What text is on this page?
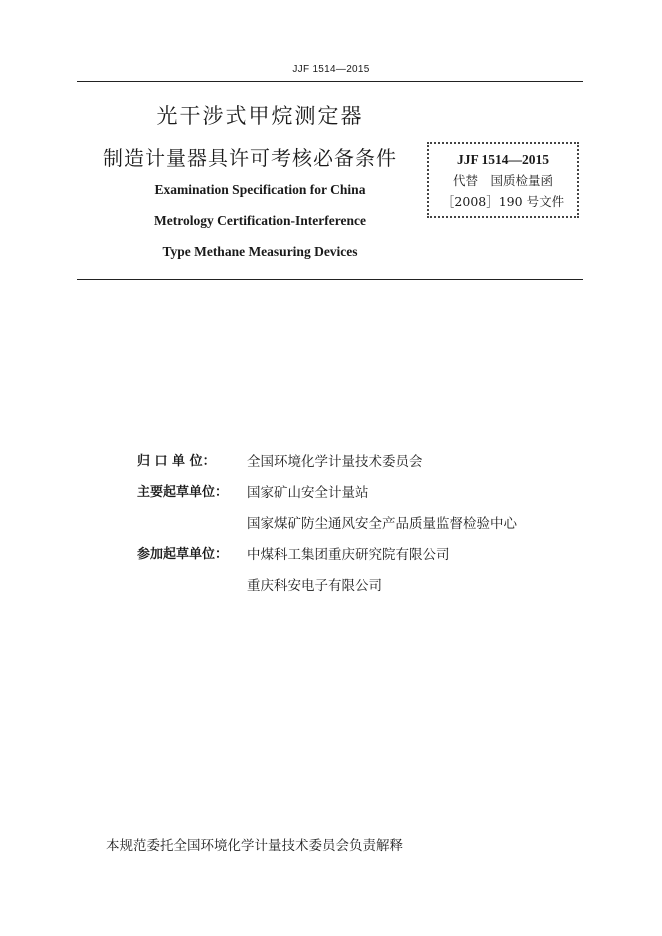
JJF 1514—2015
光干涉式甲烷测定器
制造计量器具许可考核必备条件
Examination Specification for China
Metrology Certification-Interference
Type Methane Measuring Devices
JJF 1514—2015
代替　国质检量函
［2008］190 号文件
归 口 单 位： 全国环境化学计量技术委员会
主要起草单位： 国家矿山安全计量站
国家煤矿防尘通风安全产品质量监督检验中心
参加起草单位： 中煤科工集团重庆研究院有限公司
重庆科安电子有限公司
本规范委托全国环境化学计量技术委员会负责解释
